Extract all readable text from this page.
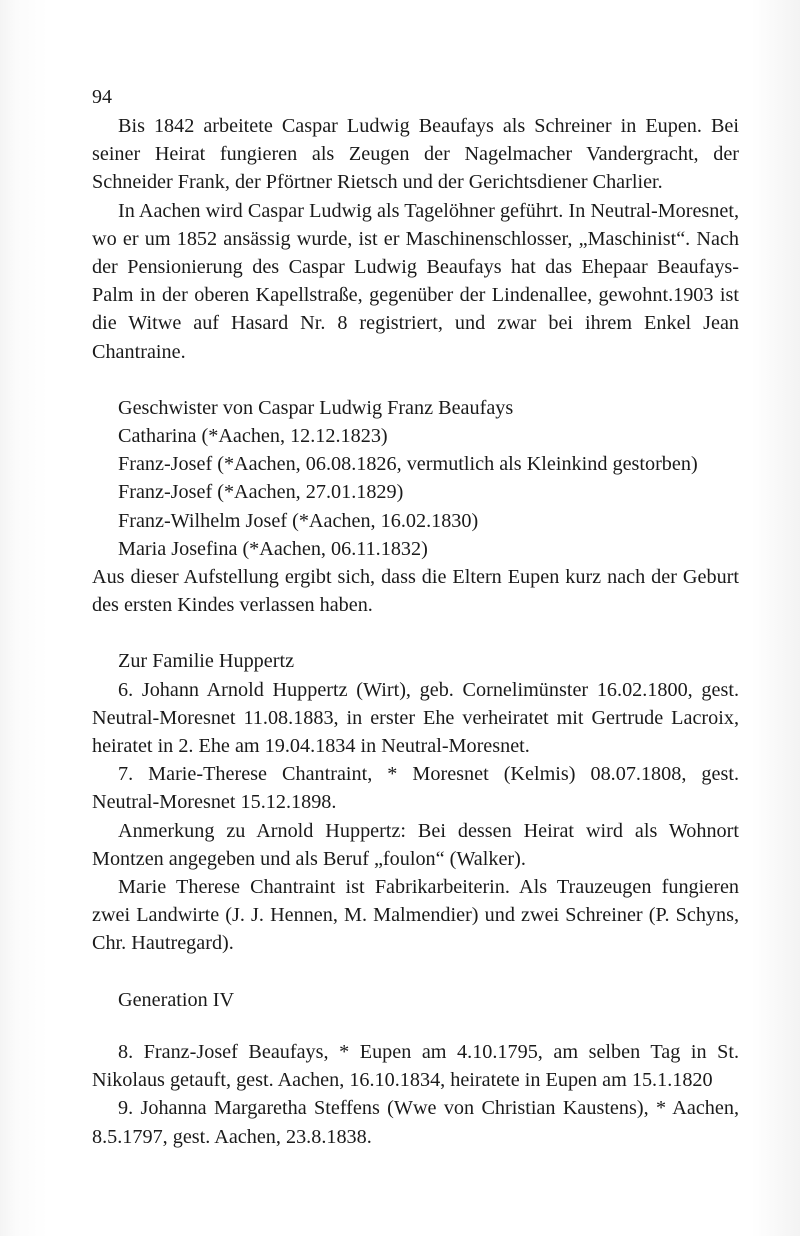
94

Bis 1842 arbeitete Caspar Ludwig Beaufays als Schreiner in Eupen. Bei seiner Heirat fungieren als Zeugen der Nagelmacher Vandergracht, der Schneider Frank, der Pförtner Rietsch und der Gerichtsdiener Charlier.

In Aachen wird Caspar Ludwig als Tagelöhner geführt. In Neutral-Moresnet, wo er um 1852 ansässig wurde, ist er Maschinenschlosser, „Maschinist“. Nach der Pensionierung des Caspar Ludwig Beaufays hat das Ehepaar Beaufays-Palm in der oberen Kapellstraße, gegenüber der Lindenallee, gewohnt.1903 ist die Witwe auf Hasard Nr. 8 registriert, und zwar bei ihrem Enkel Jean Chantraine.

Geschwister von Caspar Ludwig Franz Beaufays
Catharina (*Aachen, 12.12.1823)
Franz-Josef (*Aachen, 06.08.1826, vermutlich als Kleinkind gestorben)
Franz-Josef (*Aachen, 27.01.1829)
Franz-Wilhelm Josef (*Aachen, 16.02.1830)
Maria Josefina (*Aachen, 06.11.1832)

Aus dieser Aufstellung ergibt sich, dass die Eltern Eupen kurz nach der Geburt des ersten Kindes verlassen haben.

Zur Familie Huppertz

6. Johann Arnold Huppertz (Wirt), geb. Cornelimünster 16.02.1800, gest. Neutral-Moresnet 11.08.1883, in erster Ehe verheiratet mit Gertrude Lacroix, heiratet in 2. Ehe am 19.04.1834 in Neutral-Moresnet.

7. Marie-Therese Chantraint, * Moresnet (Kelmis) 08.07.1808, gest. Neutral-Moresnet 15.12.1898.

Anmerkung zu Arnold Huppertz: Bei dessen Heirat wird als Wohnort Montzen angegeben und als Beruf „foulon“ (Walker).

Marie Therese Chantraint ist Fabrikarbeiterin. Als Trauzeugen fungieren zwei Landwirte (J. J. Hennen, M. Malmendier) und zwei Schreiner (P. Schyns, Chr. Hautregard).

Generation IV

8. Franz-Josef Beaufays, * Eupen am 4.10.1795, am selben Tag in St. Nikolaus getauft, gest. Aachen, 16.10.1834, heiratete in Eupen am 15.1.1820

9. Johanna Margaretha Steffens (Wwe von Christian Kaustens), * Aachen, 8.5.1797, gest. Aachen, 23.8.1838.
